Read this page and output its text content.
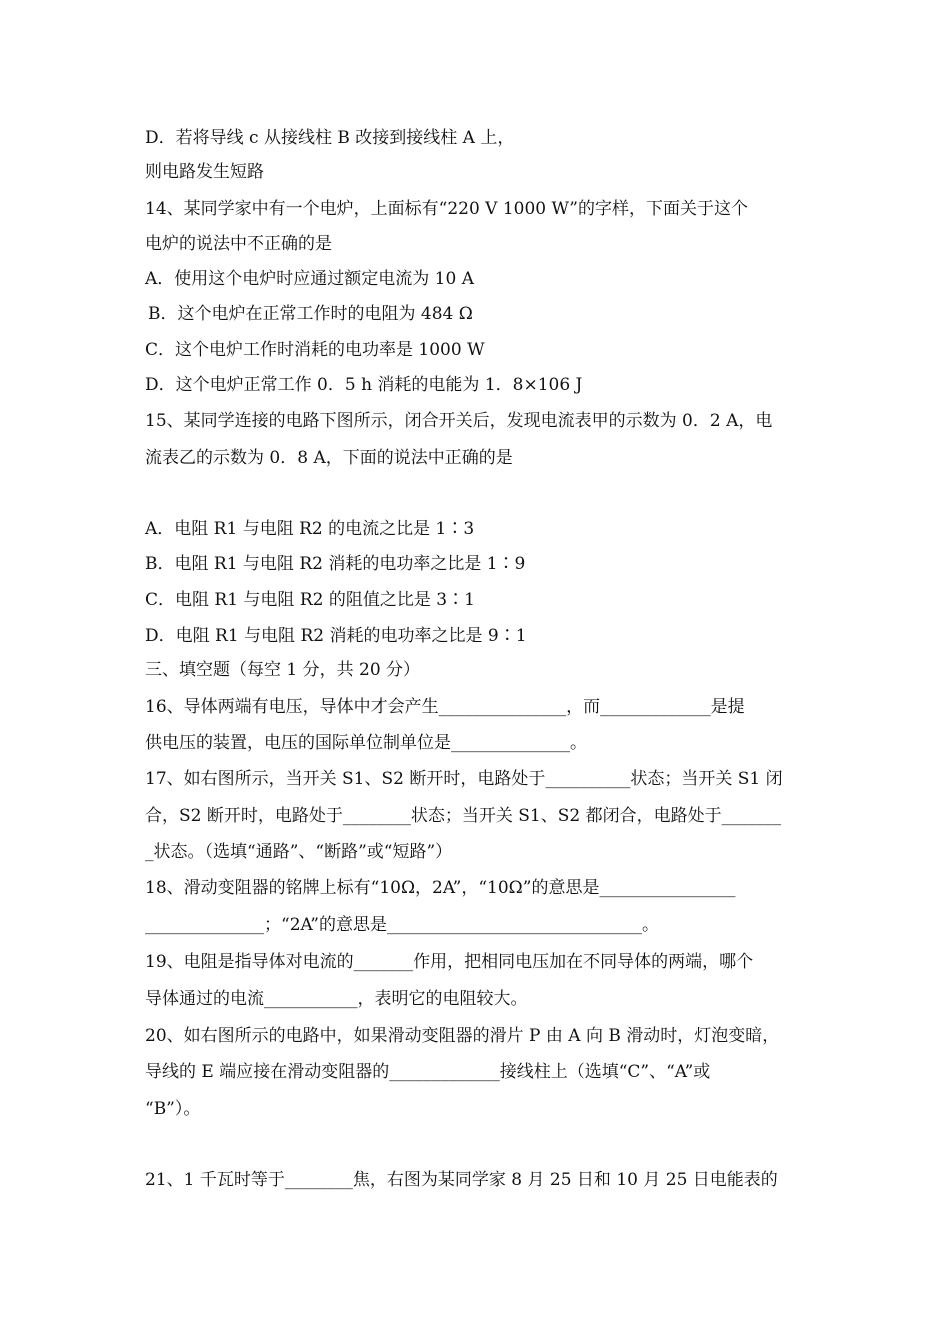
D．若将导线 c 从接线柱 B 改接到接线柱 A 上，
则电路发生短路
14、某同学家中有一个电炉，上面标有“220 V 1000 W”的字样，下面关于这个
电炉的说法中不正确的是
A．使用这个电炉时应通过额定电流为 10 A
B．这个电炉在正常工作时的电阻为 484 Ω
C．这个电炉工作时消耗的电功率是 1000 W
D．这个电炉正常工作 0．5 h 消耗的电能为 1．8×106 J
15、某同学连接的电路下图所示，闭合开关后，发现电流表甲的示数为 0．2 A，电
流表乙的示数为 0．8 A，下面的说法中正确的是
A．电阻 R1 与电阻 R2 的电流之比是 1∶3
B．电阻 R1 与电阻 R2 消耗的电功率之比是 1∶9
C．电阻 R1 与电阻 R2 的阻值之比是 3∶1
D．电阻 R1 与电阻 R2 消耗的电功率之比是 9∶1
三、填空题（每空 1 分，共 20 分）
16、导体两端有电压，导体中才会产生_______________，而_____________是提
供电压的装置，电压的国际单位制单位是______________。
17、如右图所示，当开关 S1、S2 断开时，电路处于__________状态；当开关 S1 闭
合，S2 断开时，电路处于________状态；当开关 S1、S2 都闭合，电路处于_______
_状态。（选填“通路”、“断路”或“短路”）
18、滑动变阻器的铭牌上标有“10Ω，2A”，“10Ω”的意思是________________
______________；“2A”的意思是______________________________。
19、电阻是指导体对电流的_______作用，把相同电压加在不同导体的两端，哪个
导体通过的电流___________，表明它的电阻较大。
20、如右图所示的电路中，如果滑动变阻器的滑片 P 由 A 向 B 滑动时，灯泡变暗，
导线的 E 端应接在滑动变阻器的_____________接线柱上（选填“C”、“A”或
“B”）。
21、1 千瓦时等于________焦，右图为某同学家 8 月 25 日和 10 月 25 日电能表的
